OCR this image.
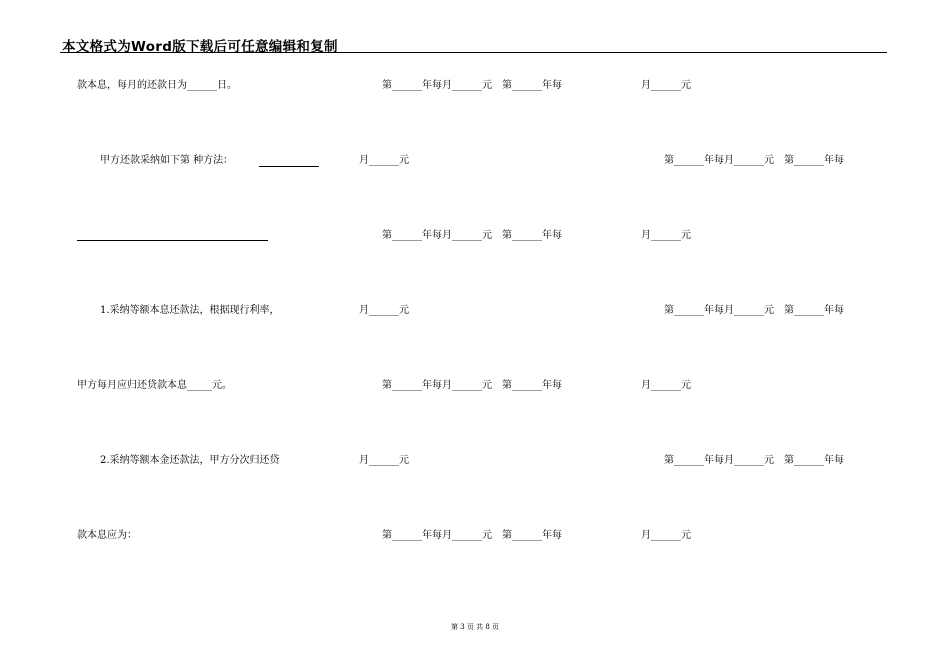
本文格式为Word版下载后可任意编辑和复制
款本息，每月的还款日为______日。	第______年每月______元　第______年每	月______元
甲方还款采纳如下第 种方法：	月______元	第______年每月______元　第______年每
第______年每月______元　第______年每	月______元
1.采纳等额本息还款法，根据现行利率，	月______元	第______年每月______元　第______年每
甲方每月应归还贷款本息_____元。	第______年每月______元　第______年每	月______元
2.采纳等额本金还款法，甲方分次归还贷	月______元	第______年每月______元　第______年每
款本息应为：	第______年每月______元　第______年每	月______元
第 3 页 共 8 页
